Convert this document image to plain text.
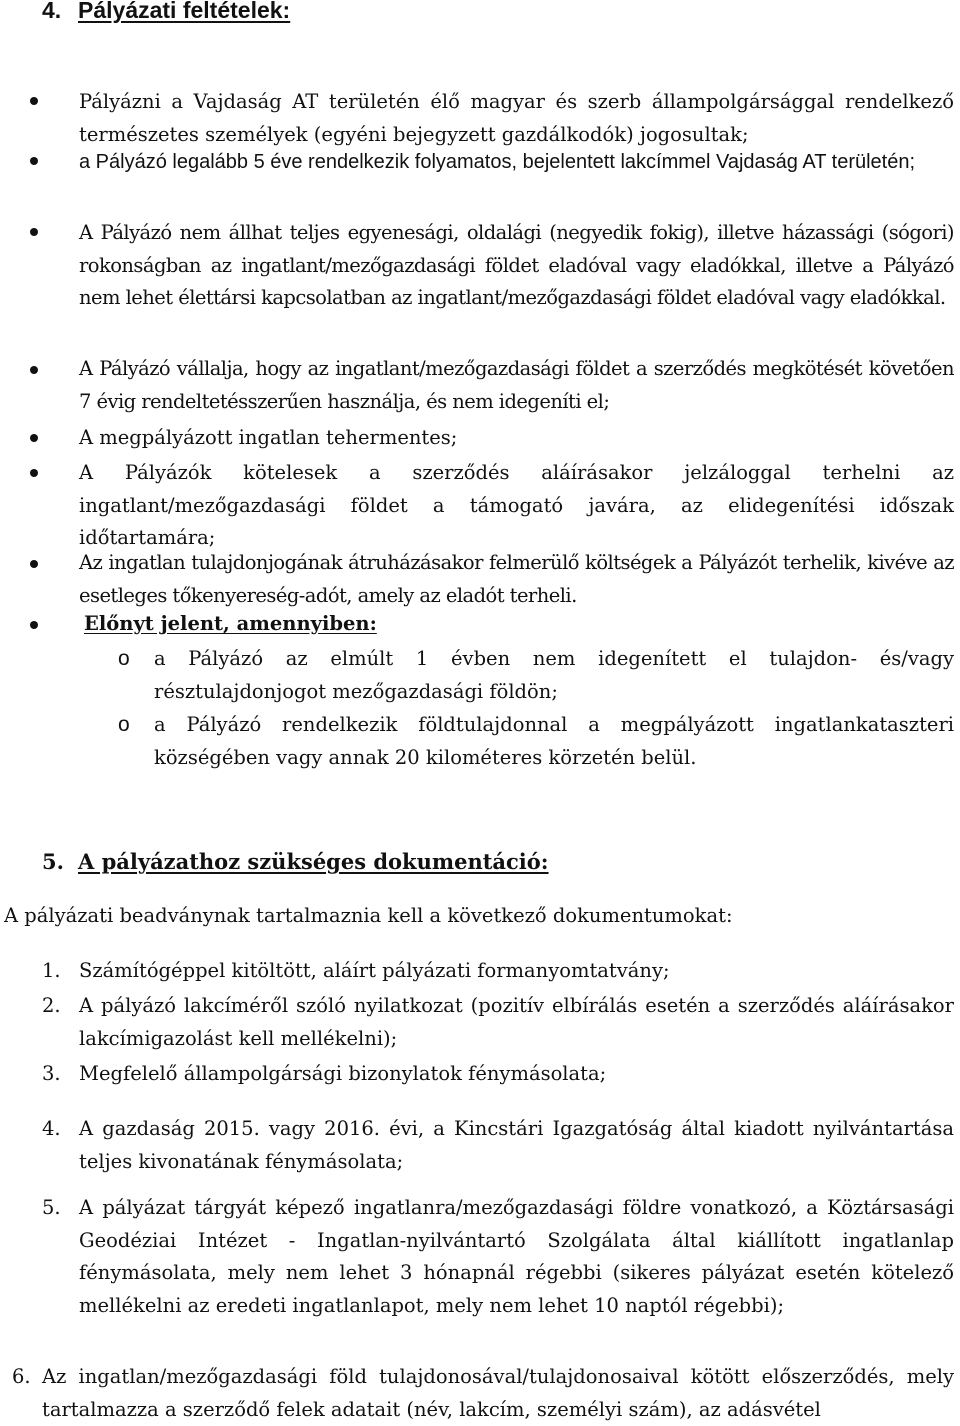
4. Pályázati feltételek:
Pályázni a Vajdaság AT területén élő magyar és szerb állampolgársággal rendelkező természetes személyek (egyéni bejegyzett gazdálkodók) jogosultak;
a Pályázó legalább 5 éve rendelkezik folyamatos, bejelentett lakcímmel Vajdaság AT területén;
A Pályázó nem állhat teljes egyenesági, oldalági (negyedik fokig), illetve házassági (sógori) rokonságban az ingatlant/mezőgazdasági földet eladóval vagy eladókkal, illetve a Pályázó nem lehet élettársi kapcsolatban az ingatlant/mezőgazdasági földet eladóval vagy eladókkal.
A Pályázó vállalja, hogy az ingatlant/mezőgazdasági földet a szerződés megkötését követően 7 évig rendeltetésszerűen használja, és nem idegeníti el;
A megpályázott ingatlan tehermentes;
A Pályázók kötelesek a szerződés aláírásakor jelzáloggal terhelni az ingatlant/mezőgazdasági földet a támogató javára, az elidegenítési időszak időtartamára;
Az ingatlan tulajdonjogának átruházásakor felmerülő költségek a Pályázót terhelik, kivéve az esetleges tőkenyereség-adót, amely az eladót terheli.
Előnyt jelent, amennyiben:
o a Pályázó az elmúlt 1 évben nem idegenített el tulajdon- és/vagy résztulajdonjogot mezőgazdasági földön;
o a Pályázó rendelkezik földtulajdonnal a megpályázott ingatlankataszteri községében vagy annak 20 kilométeres körzetén belül.
5. A pályázathoz szükséges dokumentáció:
A pályázati beadványnak tartalmaznia kell a következő dokumentumokat:
1. Számítógéppel kitöltött, aláírt pályázati formanyomtatvány;
2. A pályázó lakcíméről szóló nyilatkozat (pozitív elbírálás esetén a szerződés aláírásakor lakcímigazolást kell mellékelni);
3. Megfelelő állampolgársági bizonylatok fénymásolata;
4. A gazdaság 2015. vagy 2016. évi, a Kincstári Igazgatóság által kiadott nyilvántartása teljes kivonatának fénymásolata;
5. A pályázat tárgyát képező ingatlanra/mezőgazdasági földre vonatkozó, a Köztársasági Geodéziai Intézet - Ingatlan-nyilvántartó Szolgálata által kiállított ingatlanlap fénymásolata, mely nem lehet 3 hónapnál régebbi (sikeres pályázat esetén kötelező mellékelni az eredeti ingatlanlapot, mely nem lehet 10 naptól régebbi);
6. Az ingatlan/mezőgazdasági föld tulajdonosával/tulajdonosaival kötött előszerződés, mely tartalmazza a szerződő felek adatait (név, lakcím, személyi szám), az adásvétel
